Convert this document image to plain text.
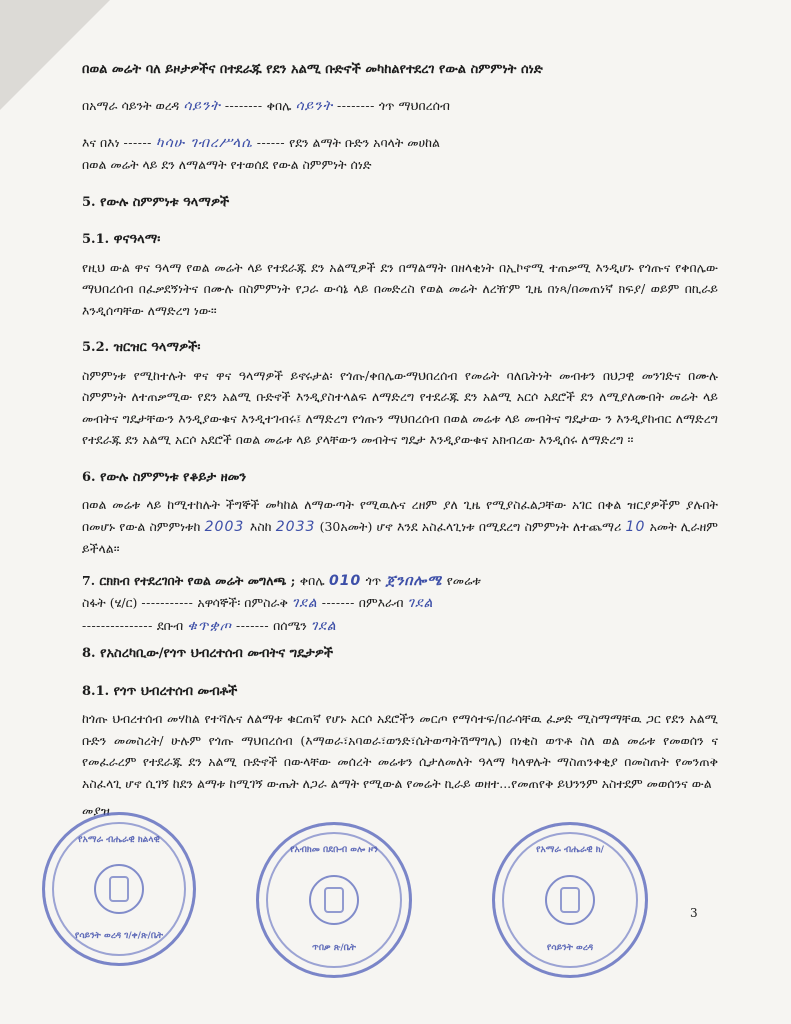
በወል መሬት ባለ ይዞታዎችና በተደራጁ የደን አልሚ ቡድኖች መካከልየተደረገ የውል ስምምነት ሰነድ
በአማራ ሳይንት ወረዳ ሳይንት -------- ቀበሌ ሳይንት -------- ጎጥ ማህበረሰብ
እና በእነ ------ ካሳሁ ገብረሥላሴ ------ የደን ልማት ቡድን አባላት መሀከል
በወል መሬት ላይ ደን ለማልማት የተወሰደ የውል ስምምነት ሰነድ
5. የውሉ ስምምነቱ ዓላማዎች
5.1. ዋናዓላማ፡

የዚህ ውል ዋና ዓላማ የወል መሬት ላይ የተደራጁ ደን አልሚዎች ደን በማልማት በዘላቂነት በኢኮኖሚ ተጠቃሚ እንዲሆኑ የጎጡና የቀበሌው ማህበረሰብ በፈቃደኝነትና በሙሉ በስምምነት የጋራ ውሳኔ ላይ በመድረስ የወል መሬት ለረዥም ጊዜ በነጻ/በመጠነኛ ክፍያ/ ወይም በኪራይ እንዲሰጣቸው ለማድረግ ነው፡፡

5.2. ዝርዝር ዓላማዎች፡

ስምምነቱ የሚከተሉት ዋና ዋና ዓላማዎች ይኖሩታል፡ የጎጡ/ቀበሌውማህበረሰብ የመሬት ባለቤትነት መብቱን በህጋዊ መንገድና በሙሉ ስምምነት ለተጠቃሚው የደን አልሚ ቡድኖች እንዲያስተላልፍ ለማድረግ የተደራጁ ደን አልሚ አርሶ አደሮች ደን ለሚያለሙበት መሬት ላይ መብትና ግዴታቸውን እንዲያውቁና እንዲተገብሩ፤ ለማድረግ የጎጡን ማህበረሰብ በወል መሬቱ ላይ መብትና ግዴታው ን እንዲያከብር ለማድረግ የተደራጁ ደን አልሚ አርሶ አደሮች በወል መሬቱ ላይ ያላቸውን መብትና ግዴታ እንዲያውቁና አክብረው እንዲሰሩ ለማድረግ ፡፡

6. የውሉ ስምምነቱ የቆይታ ዘመን

በወል መሬቱ ላይ ከሚተከሉት ችግኞች መካከል ለማውጣት የሚዉሉና ረዘም ያለ ጊዜ የሚያስፈልጋቸው አገር በቀል ዝርያዎችም ያሉበት በመሆኑ የውል ስምምነቱከ 2003 እስከ 2033 (30አመት) ሆኖ እንደ አስፈላጊነቱ በሚደረግ ስምምነት ለተጨማሪ 10 አመት ሊራዘም ይችላል፡፡

7. ርክክብ የተደረገበት የወል መሬት መግለጫ ; ቀበሌ 010 ጎጥ ጀንበሎሜ የመሬቱ
ስፋት (ሄ/ር) ----------- አዋሳኞች፡ በምስራቅ ገደል ------- በምእራብ ገደል
--------------- ደቡብ ቁጥቋጦ ------- በሰሜን ገደል
8. የአስረካቢው/የጎጥ ህብረተሰብ መብትና ግዴታዎች
8.1. የጎጥ ህብረተሰብ መብቶች

ከጎጡ ህብረተሰብ መሃከል የተሻሉና ለልማቱ ቁርጠኛ የሆኑ አርሶ አደሮችን መርጦ የማሳተፍ/በራሳቸዉ ፈቃድ ሚስማማቸዉ ጋር የደን አልሚ ቡድን መመስረት/ ሁሉም የጎጡ ማህበረሰብ (እማወራ፣አባወራ፣ወንድ፣ሴትወጣትሽማግሌ) በነቂስ ወጥቶ ስለ ወል መሬቱ የመወሰን ና የመፈራረም የተደራጁ ደን አልሚ ቡድኖች በውላቸው መሰረት መሬቱን ሲታለመለት ዓላማ ካላዋሉት ማስጠንቀቂያ በመስጠት የመንጠቅ አስፈላጊ ሆኖ ሲገኝ ከደን ልማቱ ከሚገኝ ውጤት ለጋራ ልማት የሚውል የመሬት ኪራይ ወዘተ...የመጠየቅ ይህንንም አስተደም መወሰንና ውል

መያዝ
የአማራ ብሔራዊ ክልላዊ
የሳይንት ወረዳ ገ/ቀ/ጽ/ቤት
የአብክመ በደቡብ ወሎ ዞን
ጥበቃ ጽ/ቤት
የአማራ ብሔራዊ ክ/
የሳይንት ወረዳ
3
